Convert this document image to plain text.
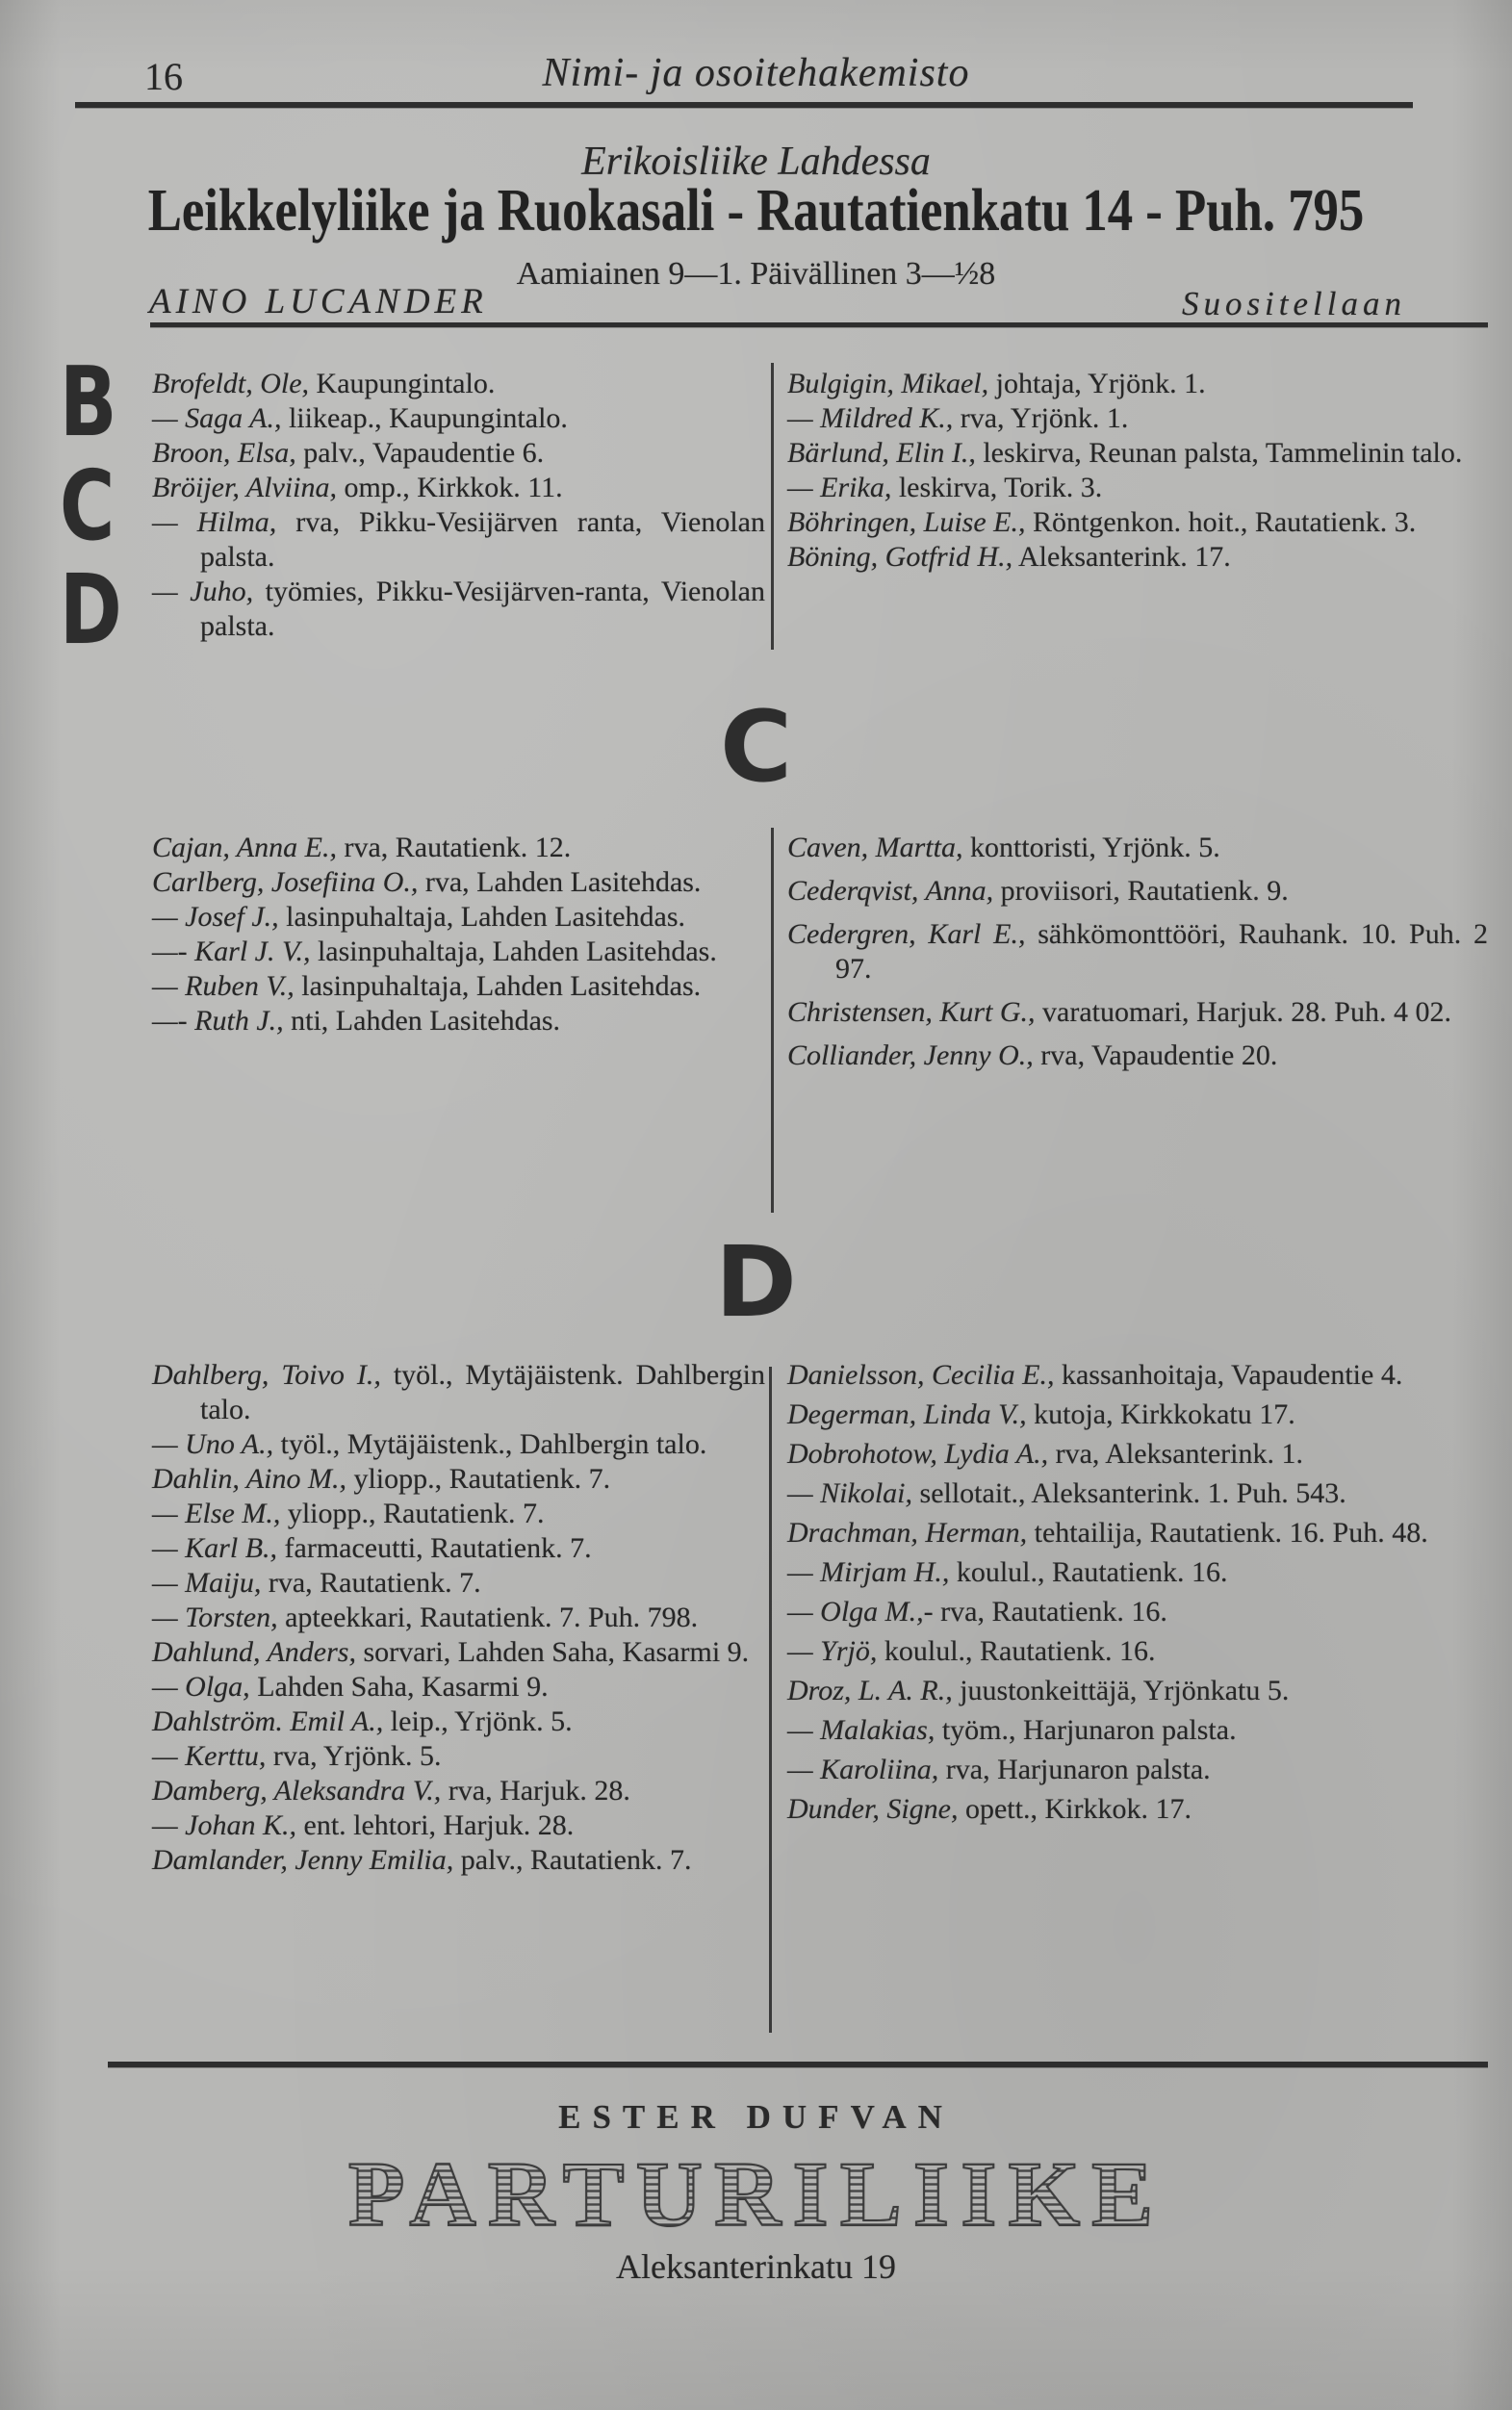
16	Nimi- ja osoitehakemisto
Erikoisliike Lahdessa
Leikkelyliike ja Ruokasali - Rautatienkatu 14 - Puh. 795
Aamiainen 9—1. Päivällinen 3—½8
AINO LUCANDER	Suositellaan
B
C
D

Brofeldt, Ole, Kaupungintalo.

— Saga A., liikeap., Kaupungintalo.

Broon, Elsa, palv., Vapaudentie 6.

Bröijer, Alviina, omp., Kirkkok. 11.

— Hilma, rva, Pikku-Vesijärven ranta, Vienolan palsta.

— Juho, työmies, Pikku-Vesijärven-ranta, Vienolan palsta.

Bulgigin, Mikael, johtaja, Yrjönk. 1.

— Mildred K., rva, Yrjönk. 1.

Bärlund, Elin I., leskirva, Reunan palsta, Tammelinin talo.

— Erika, leskirva, Torik. 3.

Böhringen, Luise E., Röntgenkon. hoit., Rautatienk. 3.

Böning, Gotfrid H., Aleksanterink. 17.

C

Cajan, Anna E., rva, Rautatienk. 12.

Carlberg, Josefiina O., rva, Lahden Lasitehdas.

— Josef J., lasinpuhaltaja, Lahden Lasitehdas.

—- Karl J. V., lasinpuhaltaja, Lahden Lasitehdas.

— Ruben V., lasinpuhaltaja, Lahden Lasitehdas.

—- Ruth J., nti, Lahden Lasitehdas.

Caven, Martta, konttoristi, Yrjönk. 5.

Cederqvist, Anna, proviisori, Rautatienk. 9.

Cedergren, Karl E., sähkömonttööri, Rauhank. 10. Puh. 2 97.

Christensen, Kurt G., varatuomari, Harjuk. 28. Puh. 4 02.

Colliander, Jenny O., rva, Vapaudentie 20.

D

Dahlberg, Toivo I., työl., Mytäjäistenk. Dahlbergin talo.

— Uno A., työl., Mytäjäistenk., Dahlbergin talo.

Dahlin, Aino M., yliopp., Rautatienk. 7.

— Else M., yliopp., Rautatienk. 7.

— Karl B., farmaceutti, Rautatienk. 7.

— Maiju, rva, Rautatienk. 7.

— Torsten, apteekkari, Rautatienk. 7. Puh. 798.

Dahlund, Anders, sorvari, Lahden Saha, Kasarmi 9.

— Olga, Lahden Saha, Kasarmi 9.

Dahlström. Emil A., leip., Yrjönk. 5.

— Kerttu, rva, Yrjönk. 5.

Damberg, Aleksandra V., rva, Harjuk. 28.

— Johan K., ent. lehtori, Harjuk. 28.

Damlander, Jenny Emilia, palv., Rautatienk. 7.

Danielsson, Cecilia E., kassanhoitaja, Vapaudentie 4.

Degerman, Linda V., kutoja, Kirkkokatu 17.

Dobrohotow, Lydia A., rva, Aleksanterink. 1.

— Nikolai, sellotait., Aleksanterink. 1. Puh. 543.

Drachman, Herman, tehtailija, Rautatienk. 16. Puh. 48.

— Mirjam H., koulul., Rautatienk. 16.

— Olga M.,- rva, Rautatienk. 16.

— Yrjö, koulul., Rautatienk. 16.

Droz, L. A. R., juustonkeittäjä, Yrjönkatu 5.

— Malakias, työm., Harjunaron palsta.

— Karoliina, rva, Harjunaron palsta.

Dunder, Signe, opett., Kirkkok. 17.

ESTER DUFVAN
PARTURILIIKE
Aleksanterinkatu 19
